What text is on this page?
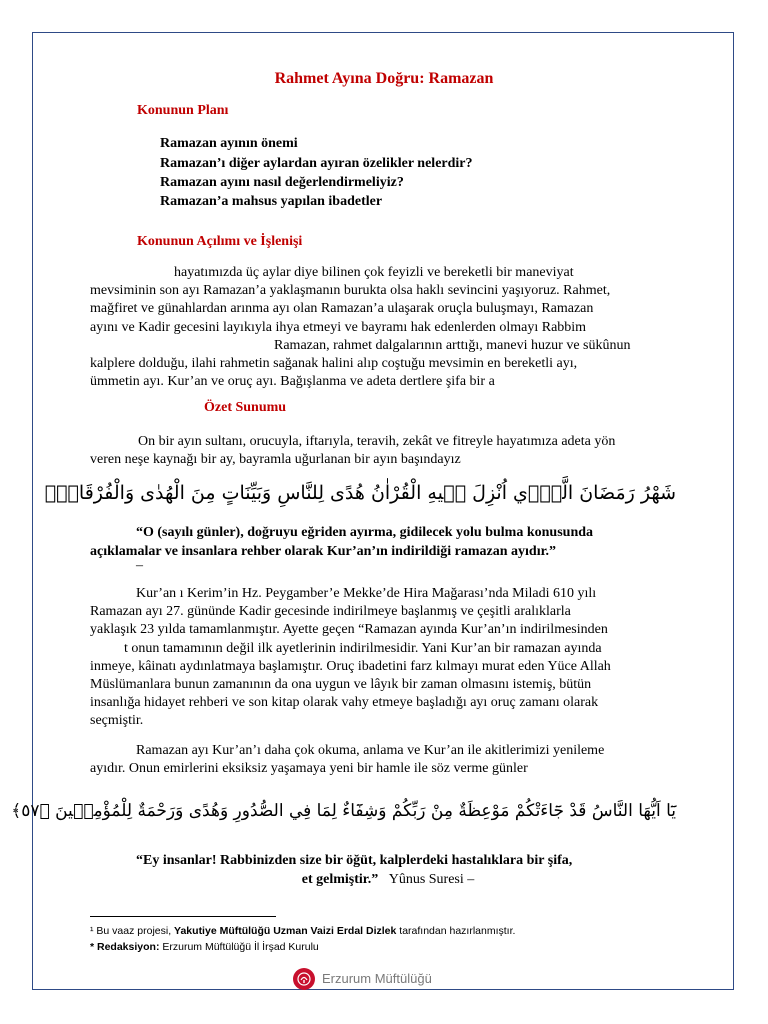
Rahmet Ayına Doğru: Ramazan
Konunun Planı
Ramazan ayının önemi
Ramazan’ı diğer aylardan ayıran özelikler nelerdir?
Ramazan ayını nasıl değerlendirmeliyiz?
Ramazan’a mahsus yapılan ibadetler
Konunun Açılımı ve İşlenişi

hayatımızda üç aylar diye bilinen çok feyizli ve bereketli bir maneviyat

mevsiminin son ayı Ramazan’a yaklaşmanın burukta olsa haklı sevincini yaşıyoruz. Rahmet,

mağfiret ve günahlardan arınma ayı olan Ramazan’a ulaşarak oruçla buluşmayı, Ramazan

ayını ve Kadir gecesini layıkıyla ihya etmeyi ve bayramı hak edenlerden olmayı Rabbim

Ramazan, rahmet dalgalarının arttığı, manevi huzur ve sükûnun

kalplere dolduğu, ilahi rahmetin sağanak halini alıp coştuğu mevsimin en bereketli ayı,

ümmetin ayı. Kur’an ve oruç ayı. Bağışlanma ve adeta dertlere şifa bir a

Özet Sunumu

On bir ayın sultanı, orucuyla, iftarıyla, teravih, zekât ve fitreyle hayatımıza adeta yön

veren neşe kaynağı bir ay, bayramla uğurlanan bir ayın başındayız

شَهْرُ رَمَضَانَ الَّذٖٓي اُنْزِلَ فٖيهِ الْقُرْاٰنُ هُدًى لِلنَّاسِ وَبَيِّنَاتٍ مِنَ الْهُدٰى وَالْفُرْقَانِۚ

“O (sayılı günler), doğruyu eğriden ayırma, gidilecek yolu bulma konusunda

açıklamalar ve insanlara rehber olarak Kur’an’ın indirildiği ramazan ayıdır.”

–

Kur’an ı Kerim’in Hz. Peygamber’e Mekke’de Hira Mağarası’nda Miladi 610 yılı

Ramazan ayı 27. gününde Kadir gecesinde indirilmeye başlanmış ve çeşitli aralıklarla

yaklaşık 23 yılda tamamlanmıştır. Ayette geçen “Ramazan ayında Kur’an’ın indirilmesinden

t onun tamamının değil ilk ayetlerinin indirilmesidir. Yani Kur’an bir ramazan ayında

inmeye, kâinatı aydınlatmaya başlamıştır. Oruç ibadetini farz kılmayı murat eden Yüce Allah

Müslümanlara bunun zamanının da ona uygun ve lâyık bir zaman olmasını istemiş, bütün

insanlığa hidayet rehberi ve son kitap olarak vahy etmeye başladığı ayı oruç zamanı olarak

seçmiştir.

Ramazan ayı Kur’an’ı daha çok okuma, anlama ve Kur’an ile akitlerimizi yenileme

ayıdır. Onun emirlerini eksiksiz yaşamaya yeni bir hamle ile söz verme günler

يَٓا اَيُّهَا النَّاسُ قَدْ جَٓاءَتْكُمْ مَوْعِظَةٌ مِنْ رَبِّكُمْ وَشِفَٓاءٌ لِمَا فِي الصُّدُورِ وَهُدًى وَرَحْمَةٌ لِلْمُؤْمِنٖينَ ﴿٥٧﴾

“Ey insanlar! Rabbinizden size bir öğüt, kalplerdeki hastalıklara bir şifa,

et gelmiştir.” Yûnus Suresi –

¹ Bu vaaz projesi, Yakutiye Müftülüğü Uzman Vaizi Erdal Dizlek tarafından hazırlanmıştır.
* Redaksiyon: Erzurum Müftülüğü İl İrşad Kurulu
Erzurum Müftülüğü
